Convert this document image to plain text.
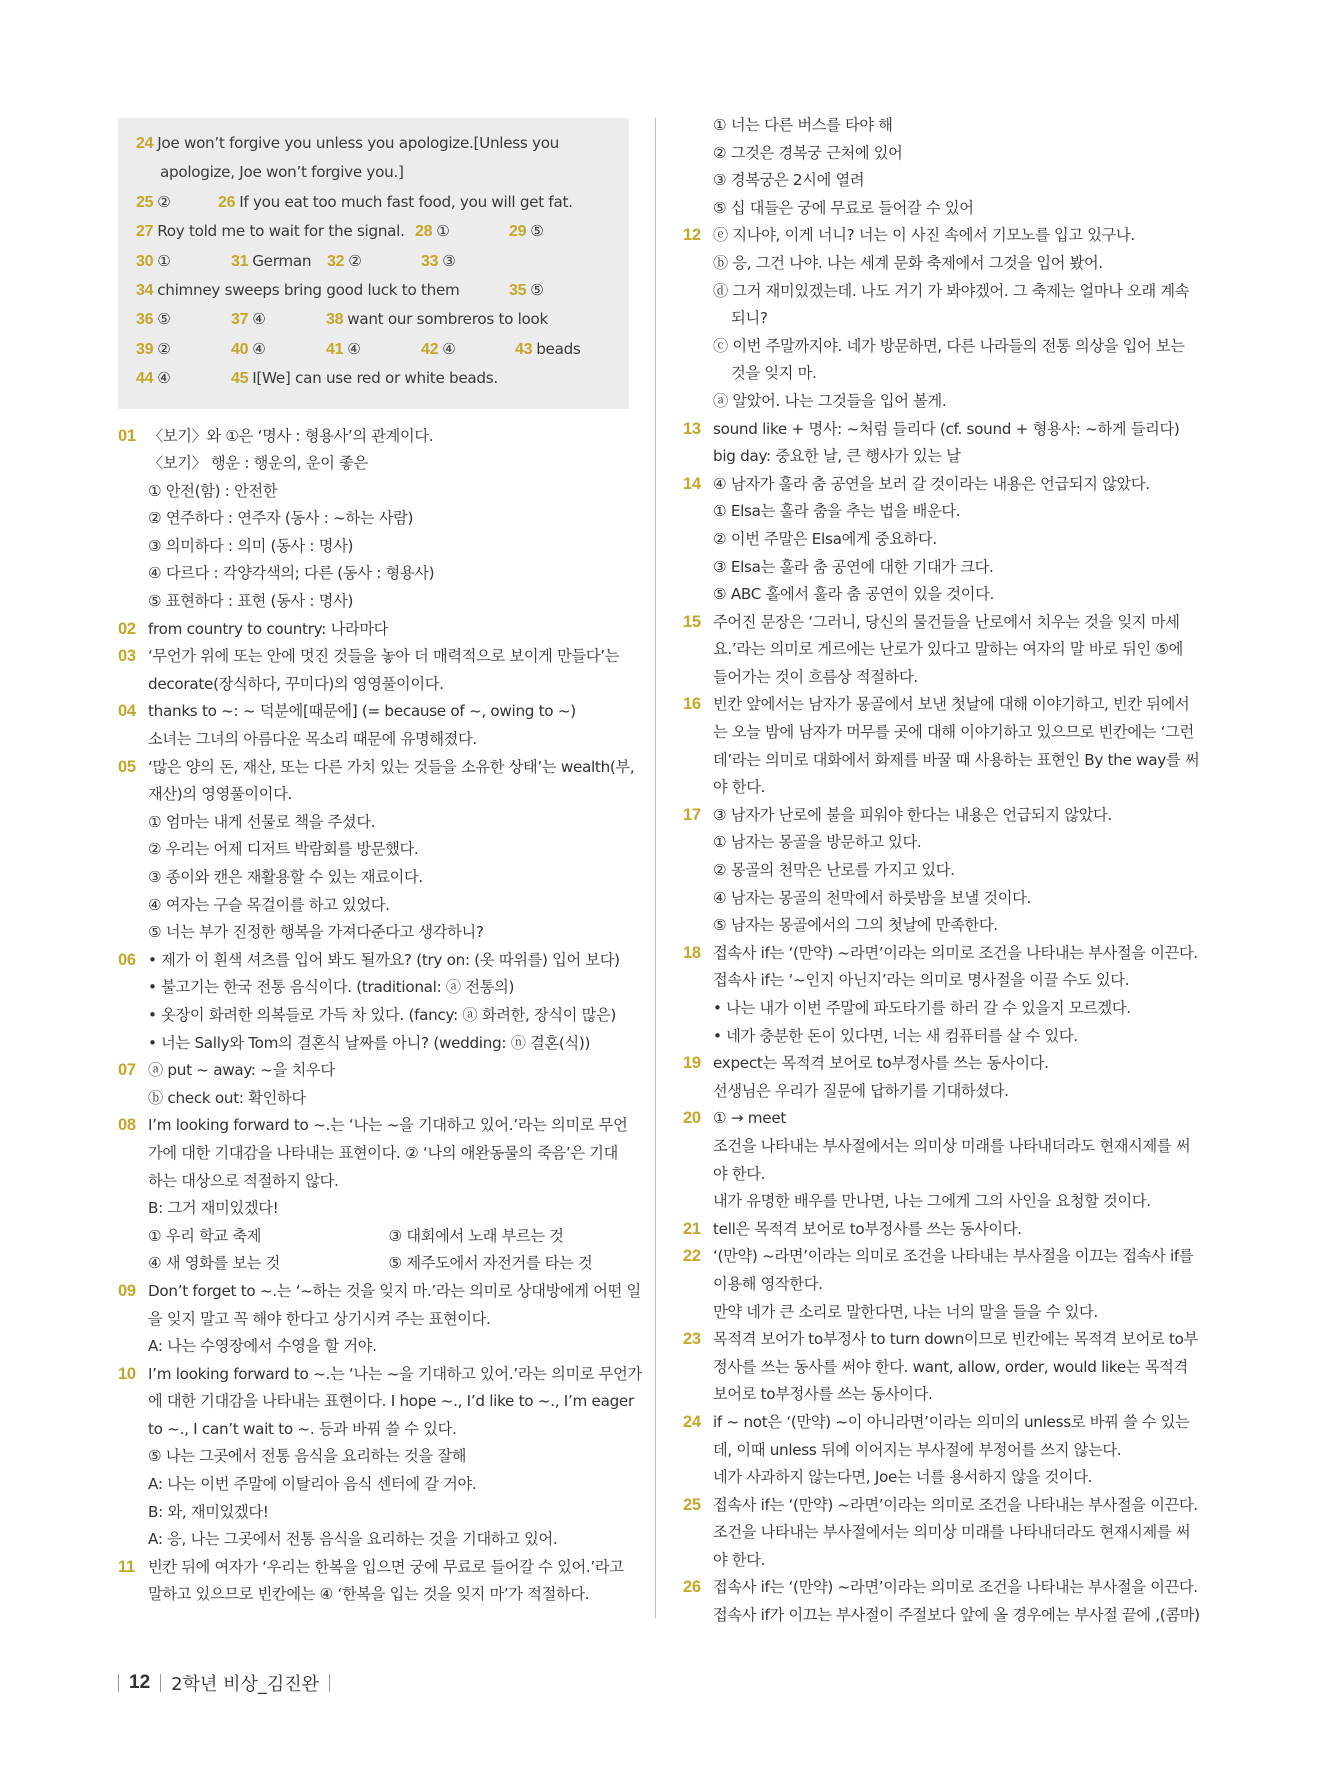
24 Joe won’t forgive you unless you apologize.[Unless you
apologize, Joe won’t forgive you.]
25 ②	26 If you eat too much fast food, you will get fat.
27 Roy told me to wait for the signal. 28 ①	29 ⑤
30 ①	31 German 32 ②	33 ③
34 chimney sweeps bring good luck to them	35 ⑤
36 ⑤	37 ④	38 want our sombreros to look
39 ②	40 ④	41 ④	42 ④	43 beads
44 ④	45 I[We] can use red or white beads.
01 〈보기〉와 ①은 ‘명사 : 형용사’의 관계이다.
〈보기〉 행운 : 행운의, 운이 좋은
① 안전(함) : 안전한
② 연주하다 : 연주자 (동사 : ~하는 사람)
③ 의미하다 : 의미 (동사 : 명사)
④ 다르다 : 각양각색의; 다른 (동사 : 형용사)
⑤ 표현하다 : 표현 (동사 : 명사)
02 from country to country: 나라마다
03 ‘무언가 위에 또는 안에 멋진 것들을 놓아 더 매력적으로 보이게 만들다’는
decorate(장식하다, 꾸미다)의 영영풀이이다.
04 thanks to ~: ~ 덕분에[때문에] (= because of ~, owing to ~)
소녀는 그녀의 아름다운 목소리 때문에 유명해졌다.
05 ‘많은 양의 돈, 재산, 또는 다른 가치 있는 것들을 소유한 상태’는 wealth(부,
재산)의 영영풀이이다.
① 엄마는 내게 선물로 책을 주셨다.
② 우리는 어제 디저트 박람회를 방문했다.
③ 종이와 캔은 재활용할 수 있는 재료이다.
④ 여자는 구슬 목걸이를 하고 있었다.
⑤ 너는 부가 진정한 행복을 가져다준다고 생각하니?
06 • 제가 이 흰색 셔츠를 입어 봐도 될까요? (try on: (옷 따위를) 입어 보다)
• 불고기는 한국 전통 음식이다. (traditional: ⓐ 전통의)
• 옷장이 화려한 의복들로 가득 차 있다. (fancy: ⓐ 화려한, 장식이 많은)
• 너는 Sally와 Tom의 결혼식 날짜를 아니? (wedding: ⓝ 결혼(식))
07 ⓐ put ~ away: ~을 치우다
ⓑ check out: 확인하다
08 I’m looking forward to ~.는 ‘나는 ~을 기대하고 있어.’라는 의미로 무언
가에 대한 기대감을 나타내는 표현이다. ② ‘나의 애완동물의 죽음’은 기대
하는 대상으로 적절하지 않다.
B: 그거 재미있겠다!
① 우리 학교 축제	③ 대회에서 노래 부르는 것
④ 새 영화를 보는 것	⑤ 제주도에서 자전거를 타는 것
09 Don’t forget to ~.는 ‘~하는 것을 잊지 마.’라는 의미로 상대방에게 어떤 일
을 잊지 말고 꼭 해야 한다고 상기시켜 주는 표현이다.
A: 나는 수영장에서 수영을 할 거야.
10 I’m looking forward to ~.는 ‘나는 ~을 기대하고 있어.’라는 의미로 무언가
에 대한 기대감을 나타내는 표현이다. I hope ~., I’d like to ~., I’m eager
to ~., I can’t wait to ~. 등과 바꿔 쓸 수 있다.
⑤ 나는 그곳에서 전통 음식을 요리하는 것을 잘해
A: 나는 이번 주말에 이탈리아 음식 센터에 갈 거야.
B: 와, 재미있겠다!
A: 응, 나는 그곳에서 전통 음식을 요리하는 것을 기대하고 있어.
11 빈칸 뒤에 여자가 ‘우리는 한복을 입으면 궁에 무료로 들어갈 수 있어.’라고
말하고 있으므로 빈칸에는 ④ ‘한복을 입는 것을 잊지 마’가 적절하다.
① 너는 다른 버스를 타야 해
② 그것은 경복궁 근처에 있어
③ 경복궁은 2시에 열려
⑤ 십 대들은 궁에 무료로 들어갈 수 있어
12 ⓔ 지나야, 이게 너니? 너는 이 사진 속에서 기모노를 입고 있구나.
ⓑ 응, 그건 나야. 나는 세계 문화 축제에서 그것을 입어 봤어.
ⓓ 그거 재미있겠는데. 나도 거기 가 봐야겠어. 그 축제는 얼마나 오래 계속
되니?
ⓒ 이번 주말까지야. 네가 방문하면, 다른 나라들의 전통 의상을 입어 보는
것을 잊지 마.
ⓐ 알았어. 나는 그것들을 입어 볼게.
13 sound like + 명사: ~처럼 들리다 (cf. sound + 형용사: ~하게 들리다)
big day: 중요한 날, 큰 행사가 있는 날
14 ④ 남자가 훌라 춤 공연을 보러 갈 것이라는 내용은 언급되지 않았다.
① Elsa는 훌라 춤을 추는 법을 배운다.
② 이번 주말은 Elsa에게 중요하다.
③ Elsa는 훌라 춤 공연에 대한 기대가 크다.
⑤ ABC 홀에서 훌라 춤 공연이 있을 것이다.
15 주어진 문장은 ‘그러니, 당신의 물건들을 난로에서 치우는 것을 잊지 마세
요.’라는 의미로 게르에는 난로가 있다고 말하는 여자의 말 바로 뒤인 ⑤에
들어가는 것이 흐름상 적절하다.
16 빈칸 앞에서는 남자가 몽골에서 보낸 첫날에 대해 이야기하고, 빈칸 뒤에서
는 오늘 밤에 남자가 머무를 곳에 대해 이야기하고 있으므로 빈칸에는 ‘그런
데’라는 의미로 대화에서 화제를 바꿀 때 사용하는 표현인 By the way를 써
야 한다.
17 ③ 남자가 난로에 불을 피워야 한다는 내용은 언급되지 않았다.
① 남자는 몽골을 방문하고 있다.
② 몽골의 천막은 난로를 가지고 있다.
④ 남자는 몽골의 천막에서 하룻밤을 보낼 것이다.
⑤ 남자는 몽골에서의 그의 첫날에 만족한다.
18 접속사 if는 ‘(만약) ~라면’이라는 의미로 조건을 나타내는 부사절을 이끈다.
접속사 if는 ‘~인지 아닌지’라는 의미로 명사절을 이끌 수도 있다.
• 나는 내가 이번 주말에 파도타기를 하러 갈 수 있을지 모르겠다.
• 네가 충분한 돈이 있다면, 너는 새 컴퓨터를 살 수 있다.
19 expect는 목적격 보어로 to부정사를 쓰는 동사이다.
선생님은 우리가 질문에 답하기를 기대하셨다.
20 ① → meet
조건을 나타내는 부사절에서는 의미상 미래를 나타내더라도 현재시제를 써
야 한다.
내가 유명한 배우를 만나면, 나는 그에게 그의 사인을 요청할 것이다.
21 tell은 목적격 보어로 to부정사를 쓰는 동사이다.
22 ‘(만약) ~라면’이라는 의미로 조건을 나타내는 부사절을 이끄는 접속사 if를
이용해 영작한다.
만약 네가 큰 소리로 말한다면, 나는 너의 말을 들을 수 있다.
23 목적격 보어가 to부정사 to turn down이므로 빈칸에는 목적격 보어로 to부
정사를 쓰는 동사를 써야 한다. want, allow, order, would like는 목적격
보어로 to부정사를 쓰는 동사이다.
24 if ~ not은 ‘(만약) ~이 아니라면’이라는 의미의 unless로 바꿔 쓸 수 있는
데, 이때 unless 뒤에 이어지는 부사절에 부정어를 쓰지 않는다.
네가 사과하지 않는다면, Joe는 너를 용서하지 않을 것이다.
25 접속사 if는 ‘(만약) ~라면’이라는 의미로 조건을 나타내는 부사절을 이끈다.
조건을 나타내는 부사절에서는 의미상 미래를 나타내더라도 현재시제를 써
야 한다.
26 접속사 if는 ‘(만약) ~라면’이라는 의미로 조건을 나타내는 부사절을 이끈다.
접속사 if가 이끄는 부사절이 주절보다 앞에 올 경우에는 부사절 끝에 ,(콤마)
12 2학년 비상_김진완
